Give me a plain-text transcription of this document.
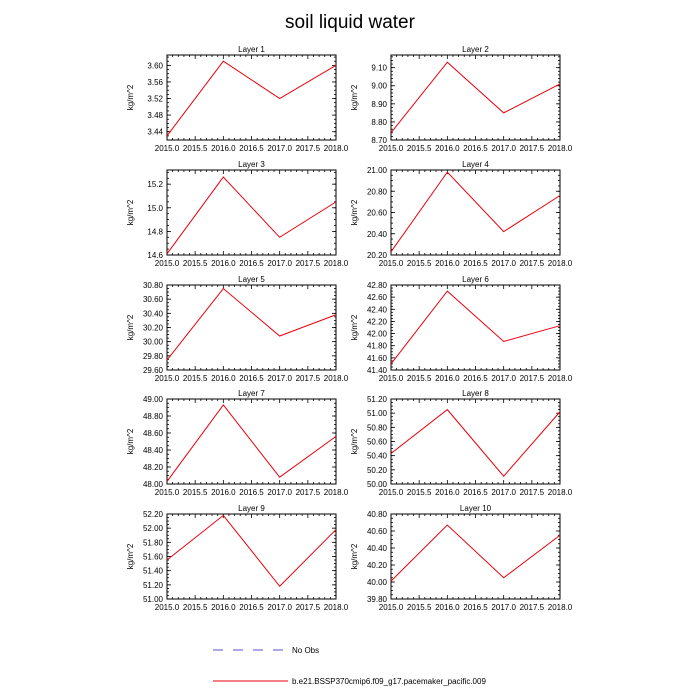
soil liquid water
Layer 1
kg/m^2
2015.0 2015.5 2016.0 2016.5 2017.0 2017.5 2018.0
3.44
3.48
3.52
3.56
3.60
Layer 2
kg/m^2
2015.0 2015.5 2016.0 2016.5 2017.0 2017.5 2018.0
8.70
8.80
8.90
9.00
9.10
Layer 3
kg/m^2
2015.0 2015.5 2016.0 2016.5 2017.0 2017.5 2018.0
14.6
14.8
15.0
15.2
Layer 4
kg/m^2
2015.0 2015.5 2016.0 2016.5 2017.0 2017.5 2018.0
20.20
20.40
20.60
20.80
21.00
Layer 5
kg/m^2
2015.0 2015.5 2016.0 2016.5 2017.0 2017.5 2018.0
29.60
29.80
30.00
30.20
30.40
30.60
30.80
Layer 6
kg/m^2
2015.0 2015.5 2016.0 2016.5 2017.0 2017.5 2018.0
41.40
41.60
41.80
42.00
42.20
42.40
42.60
42.80
Layer 7
kg/m^2
2015.0 2015.5 2016.0 2016.5 2017.0 2017.5 2018.0
48.00
48.20
48.40
48.60
48.80
49.00
Layer 8
kg/m^2
2015.0 2015.5 2016.0 2016.5 2017.0 2017.5 2018.0
50.00
50.20
50.40
50.60
50.80
51.00
51.20
Layer 9
kg/m^2
2015.0 2015.5 2016.0 2016.5 2017.0 2017.5 2018.0
51.00
51.20
51.40
51.60
51.80
52.00
52.20
Layer 10
kg/m^2
2015.0 2015.5 2016.0 2016.5 2017.0 2017.5 2018.0
39.80
40.00
40.20
40.40
40.60
40.80
No Obs
b.e21.BSSP370cmip6.f09_g17.pacemaker_pacific.009
